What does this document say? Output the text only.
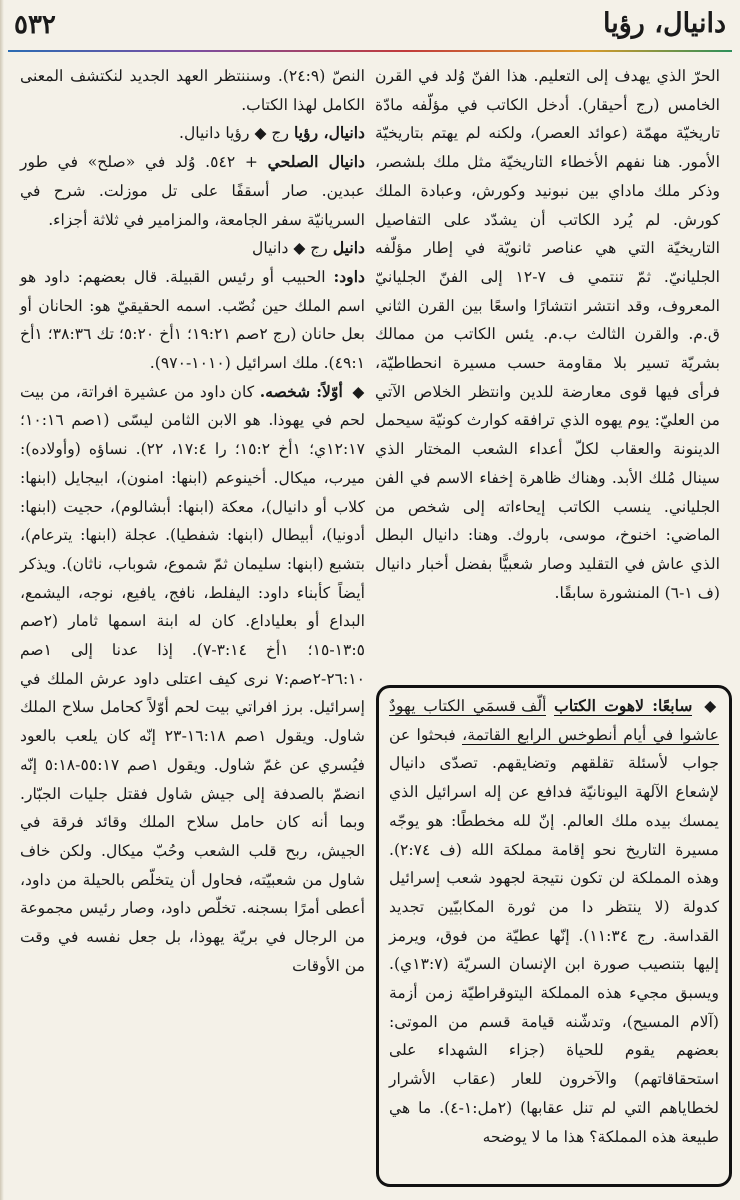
٥٣٢	دانيال، رؤيا

الحرّ الذي يهدف إلى التعليم. هذا الفنّ وُلد في القرن الخامس (رج أحيقار). أدخل الكاتب في مؤلّفه مادّة تاريخيّة مهمّة (عوائد العصر)، ولكنه لم يهتم بتاريخيّة الأمور. هنا نفهم الأخطاء التاريخيّة مثل ملك بلشصر، وذكر ملك ماداي بين نبونيد وكورش، وعبادة الملك كورش. لم يُرد الكاتب أن يشدّد على التفاصيل التاريخيّة التي هي عناصر ثانويّة في إطار مؤلّفه الجليانيّ. ثمّ تنتمي ف ٧-١٢ إلى الفنّ الجليانيّ المعروف، وقد انتشر انتشارًا واسعًا بين القرن الثاني ق.م. والقرن الثالث ب.م. يئس الكاتب من ممالك بشريّة تسير بلا مقاومة حسب مسيرة انحطاطيّة، فرأى فيها قوى معارضة للدين وانتظر الخلاص الآتي من العليّ: يوم يهوه الذي ترافقه كوارث كونيّة سيحمل الدينونة والعقاب لكلّ أعداء الشعب المختار الذي سينال مُلك الأبد. وهناك ظاهرة إخفاء الاسم في الفن الجلياني. ينسب الكاتب إيحاءاته إلى شخص من الماضي: اخنوخ، موسى، باروك. وهنا: دانيال البطل الذي عاش في التقليد وصار شعبيًّا بفضل أخبار دانيال (ف ١-٦) المنشورة سابقًا.

◆ سابعًا: لاهوت الكتاب ألّف قسمَي الكتاب يهودٌ عاشوا في أيام أنطوخس الرابع القاتمة، فبحثوا عن جواب لأسئلة تقلقهم وتضايقهم. تصدّى دانيال لإشعاع الآلهة اليونانيّة فدافع عن إله اسرائيل الذي يمسك بيده ملك العالم. إنّ لله مخططًا: هو يوجّه مسيرة التاريخ نحو إقامة مملكة الله (ف ٢:٧٤). وهذه المملكة لن تكون نتيجة لجهود شعب إسرائيل كدولة (لا ينتظر دا من ثورة المكابيّين تجديد القداسة. رج ١١:٣٤). إنّها عطيّة من فوق، ويرمز إليها بتنصيب صورة ابن الإنسان السريّة (١٣:٧ي). ويسبق مجيء هذه المملكة اليتوقراطيّة زمن أزمة (آلام المسيح)، وتدشّنه قيامة قسم من الموتى: بعضهم يقوم للحياة (جزاء الشهداء على استحقاقاتهم) والآخرون للعار (عقاب الأشرار لخطاياهم التي لم تنل عقابها) (٢مل:١-٤). ما هي طبيعة هذه المملكة؟ هذا ما لا يوضحه

النصّ (٢٤:٩). وسننتظر العهد الجديد لنكتشف المعنى الكامل لهذا الكتاب.

دانيال، رؤيا رج ◆ رؤيا دانيال.

دانيال الصلحي + ٥٤٢. وُلد في «صلح» في طور عبدين. صار أسقفًا على تل موزلت. شرح في السريانيّة سفر الجامعة، والمزامير في ثلاثة أجزاء.

دانيل رج ◆ دانيال

داود: الحبيب أو رئيس القبيلة. قال بعضهم: داود هو اسم الملك حين نُصّب. اسمه الحقيقيّ هو: الحانان أو بعل حانان (رج ٢صم ١٩:٢١؛ ١أخ ٥:٢٠؛ تك ٣٨:٣٦؛ ١أخ ٤٩:١). ملك اسرائيل (١٠١٠-٩٧٠).

◆ أوّلاً: شخصه. كان داود من عشيرة افراتة، من بيت لحم في يهوذا. هو الابن الثامن ليسّى (١صم ١٠:١٦؛ ١٢:١٧ي؛ ١أخ ١٥:٢؛ را ١٧:٤، ٢٢). نساؤه (وأولاده): ميرب، ميكال. أخينوعم (ابنها: امنون)، ابيجايل (ابنها: كلاب أو دانيال)، معكة (ابنها: أبشالوم)، حجيت (ابنها: أدونيا)، أبيطال (ابنها: شفطيا). عجلة (ابنها: يترعام)، بتشبع (ابنها: سليمان ثمّ شموع، شوباب، ناثان). ويذكر أيضاً كأبناء داود: اليفلط، نافج، يافيع، نوجه، اليشمع، البداع أو بعلياداع. كان له ابنة اسمها ثامار (٢صم ١٣:٥-١٥؛ ١أخ ٣:١٤-٧). إذا عدنا إلى ١صم ٢٦:١٠-٢صم:٧ نرى كيف اعتلى داود عرش الملك في إسرائيل. برز افراتي بيت لحم أوّلاً كحامل سلاح الملك شاول. ويقول ١صم ١٦:١٨-٢٣ إنّه كان يلعب بالعود فيُسري عن غمّ شاول. ويقول ١صم ٥٥:١٧-٥:١٨ إنّه انضمّ بالصدفة إلى جيش شاول فقتل جليات الجبّار. وبما أنه كان حامل سلاح الملك وقائد فرقة في الجيش، ربح قلب الشعب وحُبّ ميكال. ولكن خاف شاول من شعبيّته، فحاول أن يتخلّص بالحيلة من داود، أعطى أمرًا بسجنه. تخلّص داود، وصار رئيس مجموعة من الرجال في بريّة يهوذا، بل جعل نفسه في وقت من الأوقات
